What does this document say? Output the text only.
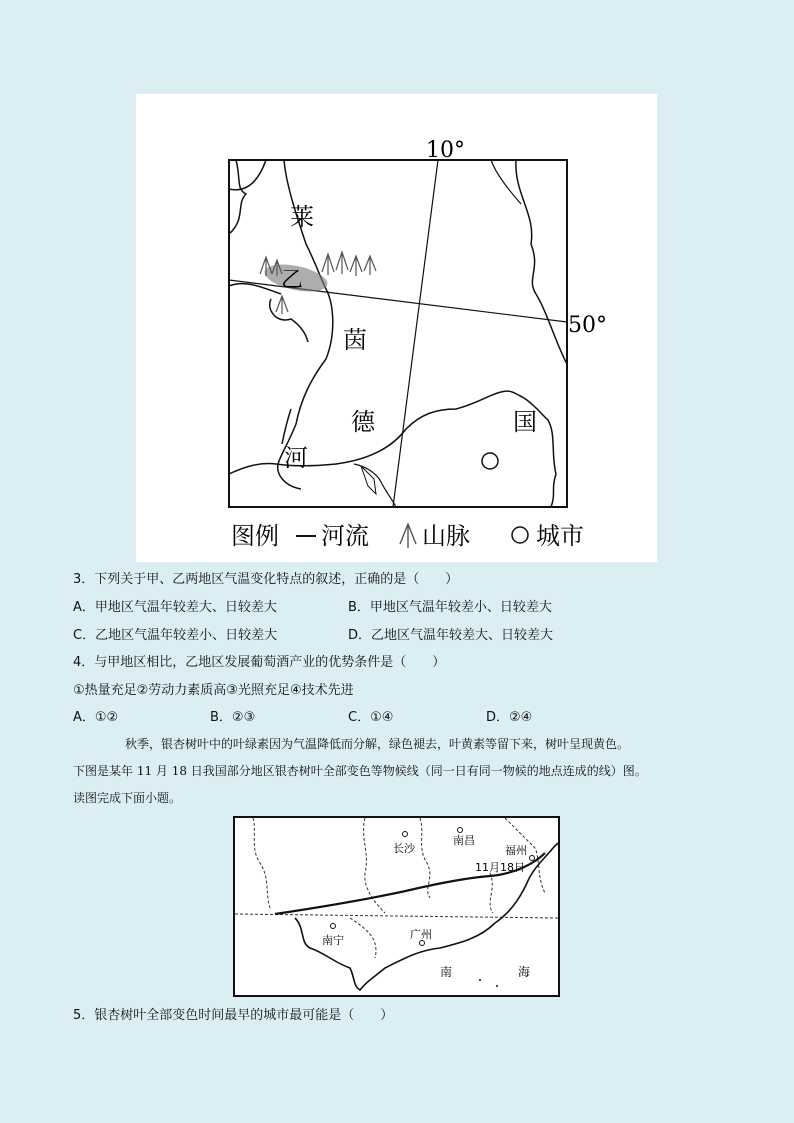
10°
50°
莱
乙
茵
德	国
河
图例 河流 山脉	城市
3．下列关于甲、乙两地区气温变化特点的叙述，正确的是（　　）
A．甲地区气温年较差大、日较差大	B．甲地区气温年较差小、日较差大
C．乙地区气温年较差小、日较差大	D．乙地区气温年较差大、日较差大
4．与甲地区相比，乙地区发展葡萄酒产业的优势条件是（　　）
①热量充足②劳动力素质高③光照充足④技术先进
A．①②	B．②③	C．①④	D．②④
秋季，银杏树叶中的叶绿素因为气温降低而分解，绿色褪去，叶黄素等留下来，树叶呈现黄色。
下图是某年 11 月 18 日我国部分地区银杏树叶全部变色等物候线（同一日有同一物候的地点连成的线）图。
读图完成下面小题。
长沙
南昌
福州
11月18日
南宁	广州
南	海
5．银杏树叶全部变色时间最早的城市最可能是（　　）
